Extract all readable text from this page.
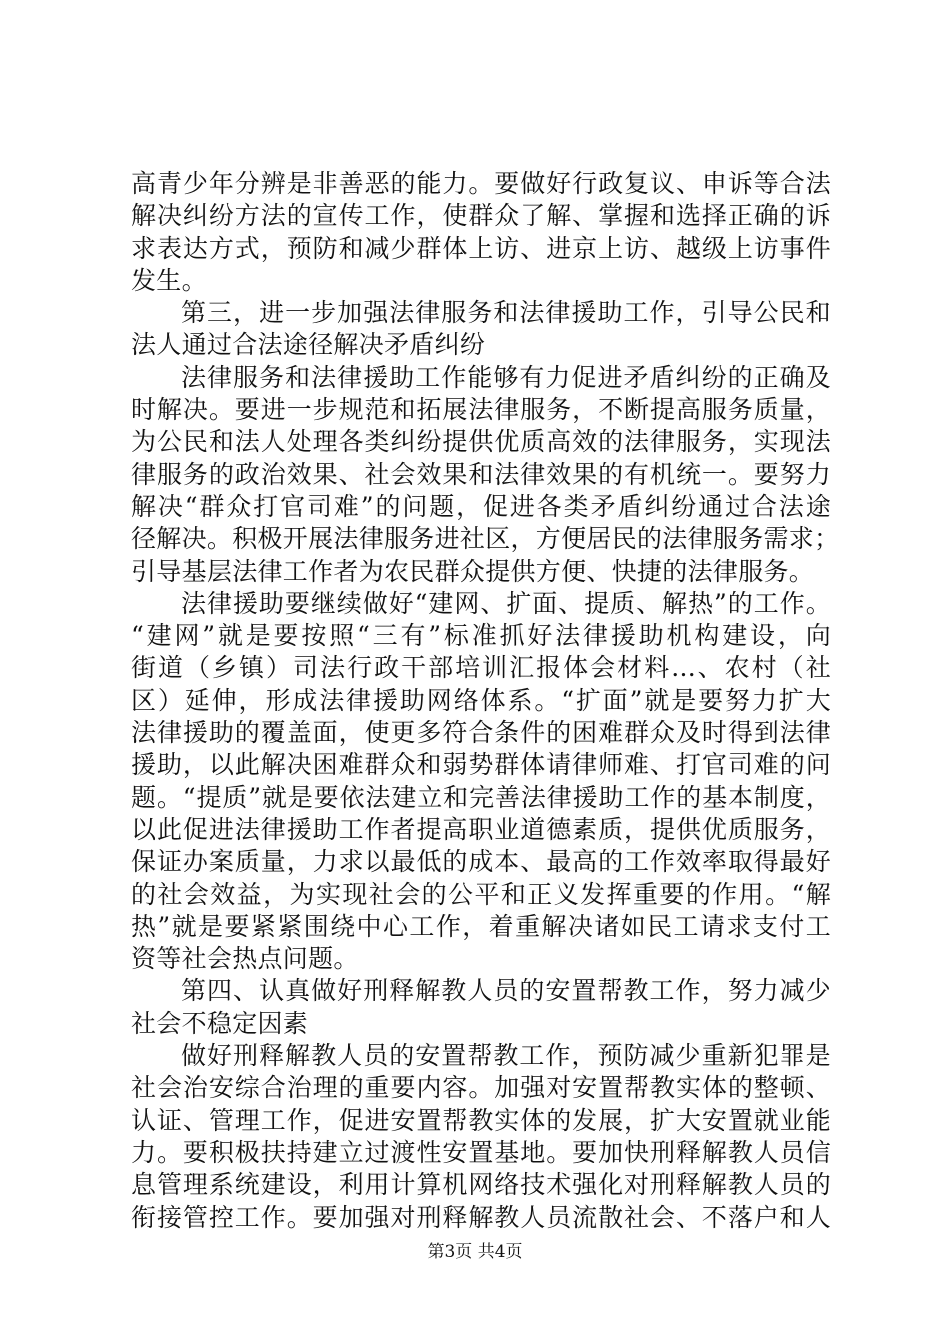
高青少年分辨是非善恶的能力。要做好行政复议、申诉等合法
解决纠纷方法的宣传工作，使群众了解、掌握和选择正确的诉
求表达方式，预防和减少群体上访、进京上访、越级上访事件
发生。
第三，进一步加强法律服务和法律援助工作，引导公民和
法人通过合法途径解决矛盾纠纷
法律服务和法律援助工作能够有力促进矛盾纠纷的正确及
时解决。要进一步规范和拓展法律服务，不断提高服务质量，
为公民和法人处理各类纠纷提供优质高效的法律服务，实现法
律服务的政治效果、社会效果和法律效果的有机统一。要努力
解决“群众打官司难”的问题，促进各类矛盾纠纷通过合法途
径解决。积极开展法律服务进社区，方便居民的法律服务需求；
引导基层法律工作者为农民群众提供方便、快捷的法律服务。
法律援助要继续做好“建网、扩面、提质、解热”的工作。
“建网”就是要按照“三有”标准抓好法律援助机构建设，向
街道（乡镇）司法行政干部培训汇报体会材料...、农村（社
区）延伸，形成法律援助网络体系。“扩面”就是要努力扩大
法律援助的覆盖面，使更多符合条件的困难群众及时得到法律
援助，以此解决困难群众和弱势群体请律师难、打官司难的问
题。“提质”就是要依法建立和完善法律援助工作的基本制度，
以此促进法律援助工作者提高职业道德素质，提供优质服务，
保证办案质量，力求以最低的成本、最高的工作效率取得最好
的社会效益，为实现社会的公平和正义发挥重要的作用。“解
热”就是要紧紧围绕中心工作，着重解决诸如民工请求支付工
资等社会热点问题。
第四、认真做好刑释解教人员的安置帮教工作，努力减少
社会不稳定因素
做好刑释解教人员的安置帮教工作，预防减少重新犯罪是
社会治安综合治理的重要内容。加强对安置帮教实体的整顿、
认证、管理工作，促进安置帮教实体的发展，扩大安置就业能
力。要积极扶持建立过渡性安置基地。要加快刑释解教人员信
息管理系统建设，利用计算机网络技术强化对刑释解教人员的
衔接管控工作。要加强对刑释解教人员流散社会、不落户和人
第3页 共4页
